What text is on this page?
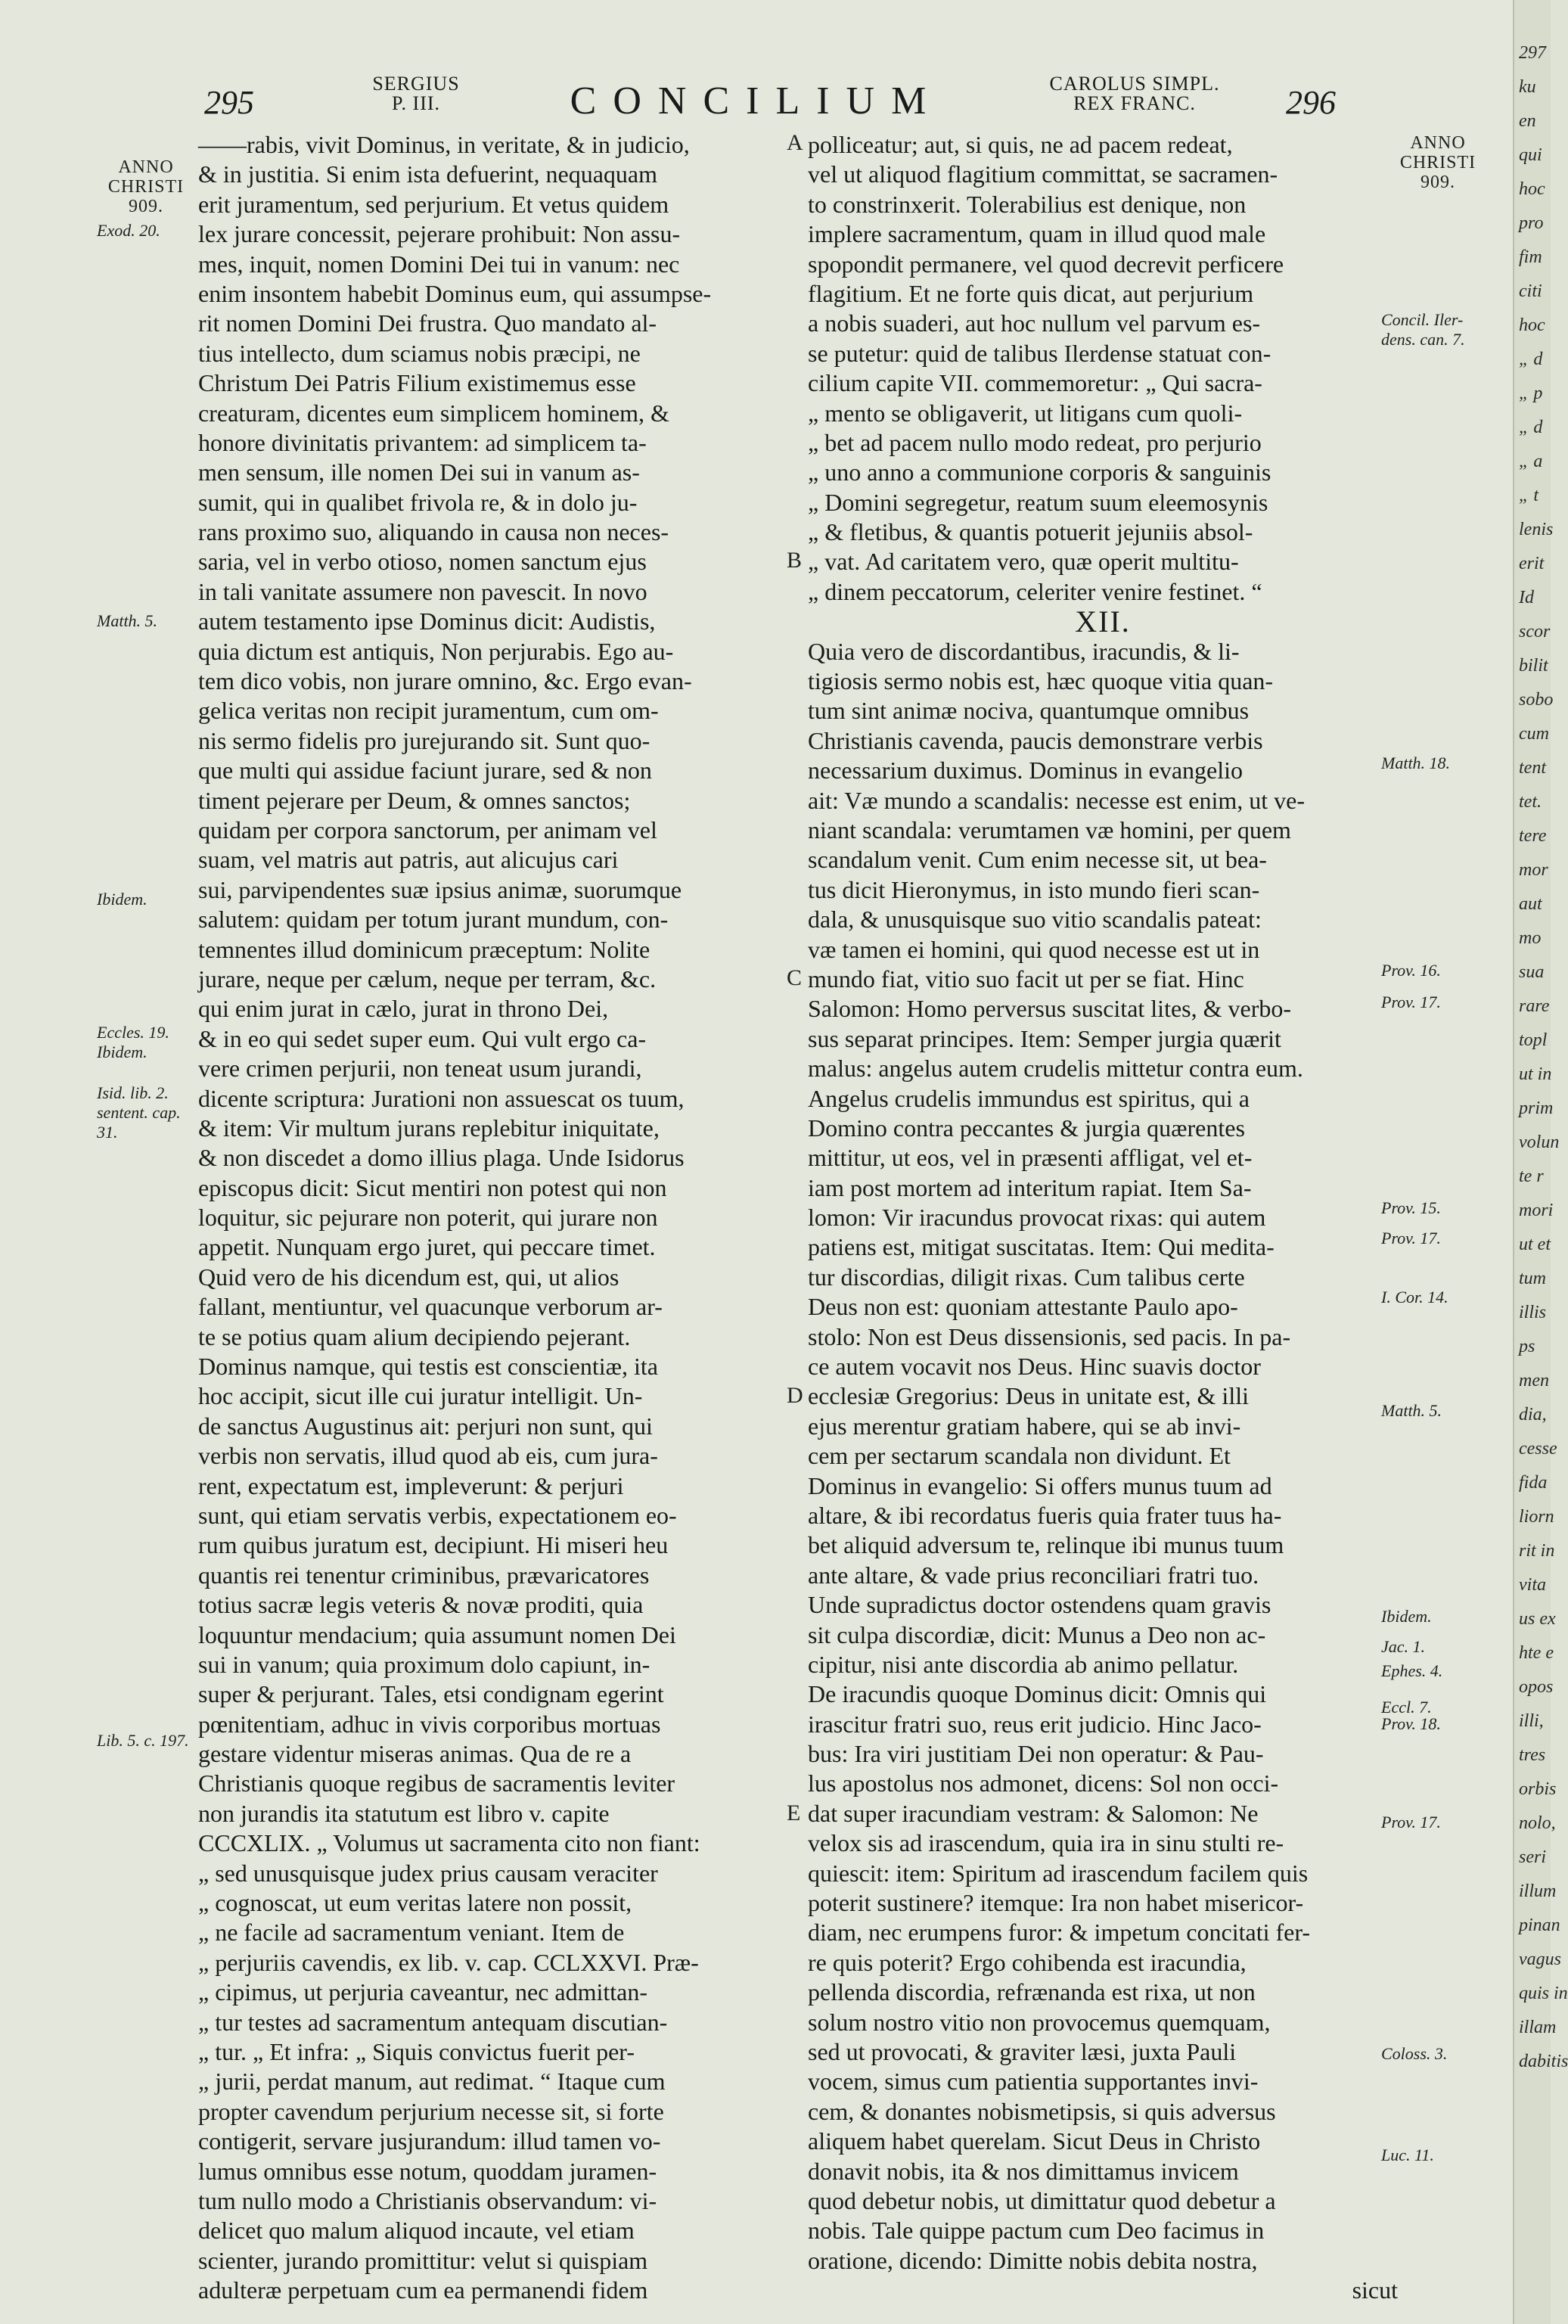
295
SERGIUS
P. III.	CONCILIUM	CAROLUS SIMPL.
REX FRANC.	296
ANNO
CHRISTI
909.
Exod. 20.
Matth. 5.
Ibidem.
Eccles. 19.
Ibidem.
Isid. lib. 2.
sentent. cap.
31.
Lib. 5. c. 197.
ANNO
CHRISTI
909.
Concil. Iler-
dens. can. 7.
Matth. 18.
Prov. 16.
Prov. 17.
Prov. 15.
Prov. 17.
I. Cor. 14.
Matth. 5.
Ibidem.
Jac. 1.
Ephes. 4.
Eccl. 7.
Prov. 18.
Prov. 17.
Coloss. 3.
Luc. 11.
A
B
C
D
E
——rabis, vivit Dominus, in veritate, & in judicio,
& in justitia. Si enim ista defuerint, nequaquam
erit juramentum, sed perjurium. Et vetus quidem
lex jurare concessit, pejerare prohibuit: Non assu-
mes, inquit, nomen Domini Dei tui in vanum: nec
enim insontem habebit Dominus eum, qui assumpse-
rit nomen Domini Dei frustra. Quo mandato al-
tius intellecto, dum sciamus nobis præcipi, ne
Christum Dei Patris Filium existimemus esse
creaturam, dicentes eum simplicem hominem, &
honore divinitatis privantem: ad simplicem ta-
men sensum, ille nomen Dei sui in vanum as-
sumit, qui in qualibet frivola re, & in dolo ju-
rans proximo suo, aliquando in causa non neces-
saria, vel in verbo otioso, nomen sanctum ejus
in tali vanitate assumere non pavescit. In novo
autem testamento ipse Dominus dicit: Audistis,
quia dictum est antiquis, Non perjurabis. Ego au-
tem dico vobis, non jurare omnino, &c. Ergo evan-
gelica veritas non recipit juramentum, cum om-
nis sermo fidelis pro jurejurando sit. Sunt quo-
que multi qui assidue faciunt jurare, sed & non
timent pejerare per Deum, & omnes sanctos;
quidam per corpora sanctorum, per animam vel
suam, vel matris aut patris, aut alicujus cari
sui, parvipendentes suæ ipsius animæ, suorumque
salutem: quidam per totum jurant mundum, con-
temnentes illud dominicum præceptum: Nolite
jurare, neque per cælum, neque per terram, &c.
qui enim jurat in cælo, jurat in throno Dei,
& in eo qui sedet super eum. Qui vult ergo ca-
vere crimen perjurii, non teneat usum jurandi,
dicente scriptura: Jurationi non assuescat os tuum,
& item: Vir multum jurans replebitur iniquitate,
& non discedet a domo illius plaga. Unde Isidorus
episcopus dicit: Sicut mentiri non potest qui non
loquitur, sic pejurare non poterit, qui jurare non
appetit. Nunquam ergo juret, qui peccare timet.
Quid vero de his dicendum est, qui, ut alios
fallant, mentiuntur, vel quacunque verborum ar-
te se potius quam alium decipiendo pejerant.
Dominus namque, qui testis est conscientiæ, ita
hoc accipit, sicut ille cui juratur intelligit. Un-
de sanctus Augustinus ait: perjuri non sunt, qui
verbis non servatis, illud quod ab eis, cum jura-
rent, expectatum est, impleverunt: & perjuri
sunt, qui etiam servatis verbis, expectationem eo-
rum quibus juratum est, decipiunt. Hi miseri heu
quantis rei tenentur criminibus, prævaricatores
totius sacræ legis veteris & novæ proditi, quia
loquuntur mendacium; quia assumunt nomen Dei
sui in vanum; quia proximum dolo capiunt, in-
super & perjurant. Tales, etsi condignam egerint
pœnitentiam, adhuc in vivis corporibus mortuas
gestare videntur miseras animas. Qua de re a
Christianis quoque regibus de sacramentis leviter
non jurandis ita statutum est libro v. capite
CCCXLIX. „ Volumus ut sacramenta cito non fiant:
„ sed unusquisque judex prius causam veraciter
„ cognoscat, ut eum veritas latere non possit,
„ ne facile ad sacramentum veniant. Item de
„ perjuriis cavendis, ex lib. v. cap. CCLXXVI. Præ-
„ cipimus, ut perjuria caveantur, nec admittan-
„ tur testes ad sacramentum antequam discutian-
„ tur. „ Et infra: „ Siquis convictus fuerit per-
„ jurii, perdat manum, aut redimat. “ Itaque cum
propter cavendum perjurium necesse sit, si forte
contigerit, servare jusjurandum: illud tamen vo-
lumus omnibus esse notum, quoddam juramen-
tum nullo modo a Christianis observandum: vi-
delicet quo malum aliquod incaute, vel etiam
scienter, jurando promittitur: velut si quispiam
adulteræ perpetuam cum ea permanendi fidem
polliceatur; aut, si quis, ne ad pacem redeat,
vel ut aliquod flagitium committat, se sacramen-
to constrinxerit. Tolerabilius est denique, non
implere sacramentum, quam in illud quod male
spopondit permanere, vel quod decrevit perficere
flagitium. Et ne forte quis dicat, aut perjurium
a nobis suaderi, aut hoc nullum vel parvum es-
se putetur: quid de talibus Ilerdense statuat con-
cilium capite VII. commemoretur: „ Qui sacra-
„ mento se obligaverit, ut litigans cum quoli-
„ bet ad pacem nullo modo redeat, pro perjurio
„ uno anno a communione corporis & sanguinis
„ Domini segregetur, reatum suum eleemosynis
„ & fletibus, & quantis potuerit jejuniis absol-
„ vat. Ad caritatem vero, quæ operit multitu-
„ dinem peccatorum, celeriter venire festinet. “
XII.
Quia vero de discordantibus, iracundis, & li-
tigiosis sermo nobis est, hæc quoque vitia quan-
tum sint animæ nociva, quantumque omnibus
Christianis cavenda, paucis demonstrare verbis
necessarium duximus. Dominus in evangelio
ait: Væ mundo a scandalis: necesse est enim, ut ve-
niant scandala: verumtamen væ homini, per quem
scandalum venit. Cum enim necesse sit, ut bea-
tus dicit Hieronymus, in isto mundo fieri scan-
dala, & unusquisque suo vitio scandalis pateat:
væ tamen ei homini, qui quod necesse est ut in
mundo fiat, vitio suo facit ut per se fiat. Hinc
Salomon: Homo perversus suscitat lites, & verbo-
sus separat principes. Item: Semper jurgia quærit
malus: angelus autem crudelis mittetur contra eum.
Angelus crudelis immundus est spiritus, qui a
Domino contra peccantes & jurgia quærentes
mittitur, ut eos, vel in præsenti affligat, vel et-
iam post mortem ad interitum rapiat. Item Sa-
lomon: Vir iracundus provocat rixas: qui autem
patiens est, mitigat suscitatas. Item: Qui medita-
tur discordias, diligit rixas. Cum talibus certe
Deus non est: quoniam attestante Paulo apo-
stolo: Non est Deus dissensionis, sed pacis. In pa-
ce autem vocavit nos Deus. Hinc suavis doctor
ecclesiæ Gregorius: Deus in unitate est, & illi
ejus merentur gratiam habere, qui se ab invi-
cem per sectarum scandala non dividunt. Et
Dominus in evangelio: Si offers munus tuum ad
altare, & ibi recordatus fueris quia frater tuus ha-
bet aliquid adversum te, relinque ibi munus tuum
ante altare, & vade prius reconciliari fratri tuo.
Unde supradictus doctor ostendens quam gravis
sit culpa discordiæ, dicit: Munus a Deo non ac-
cipitur, nisi ante discordia ab animo pellatur.
De iracundis quoque Dominus dicit: Omnis qui
irascitur fratri suo, reus erit judicio. Hinc Jaco-
bus: Ira viri justitiam Dei non operatur: & Pau-
lus apostolus nos admonet, dicens: Sol non occi-
dat super iracundiam vestram: & Salomon: Ne
velox sis ad irascendum, quia ira in sinu stulti re-
quiescit: item: Spiritum ad irascendum facilem quis
poterit sustinere? itemque: Ira non habet misericor-
diam, nec erumpens furor: & impetum concitati fer-
re quis poterit? Ergo cohibenda est iracundia,
pellenda discordia, refrænanda est rixa, ut non
solum nostro vitio non provocemus quemquam,
sed ut provocati, & graviter læsi, juxta Pauli
vocem, simus cum patientia supportantes invi-
cem, & donantes nobismetipsis, si quis adversus
aliquem habet querelam. Sicut Deus in Christo
donavit nobis, ita & nos dimittamus invicem
quod debetur nobis, ut dimittatur quod debetur a
nobis. Tale quippe pactum cum Deo facimus in
oratione, dicendo: Dimitte nobis debita nostra,
sicut
297
ku
en
qui
hoc
pro
fim
citi
hoc
„ d
„ p
„ d
„ a
„ t
lenis
erit
Id
scor
bilit
sobo
cum
tent
tet.
tere
mor
aut
mo
sua
rare
topl
ut in
prim
volun
te r
mori
ut et
tum
illis
ps
men
dia,
cesse
fida
liorn
rit in
vita
us ex
hte e
opos
illi,
tres
orbis
nolo,
seri
illum
pinan
vagus
quis in
illam
dabitis
